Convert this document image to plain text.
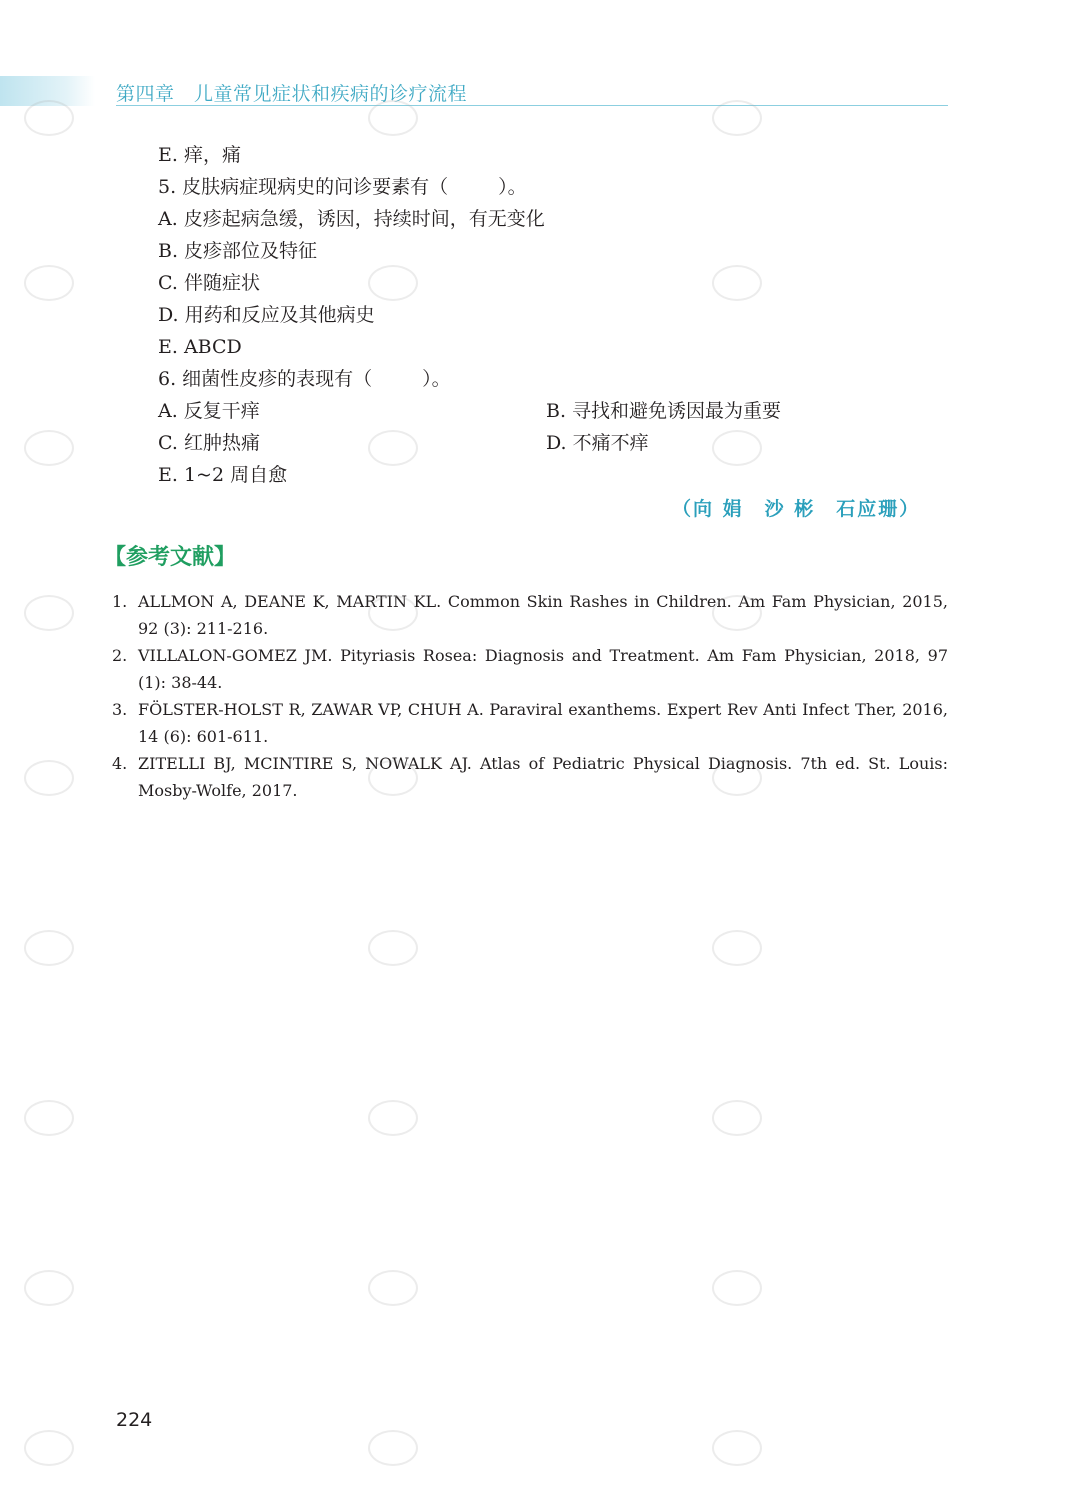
第四章　儿童常见症状和疾病的诊疗流程
E. 痒，痛
5. 皮肤病症现病史的问诊要素有（	）。
A. 皮疹起病急缓，诱因，持续时间，有无变化
B. 皮疹部位及特征
C. 伴随症状
D. 用药和反应及其他病史
E. ABCD
6. 细菌性皮疹的表现有（	）。
A. 反复干痒	B. 寻找和避免诱因最为重要
C. 红肿热痛	D. 不痛不痒
E. 1~2 周自愈
（向 娟　沙 彬　石应珊）
【参考文献】
1. ALLMON A, DEANE K, MARTIN KL. Common Skin Rashes in Children. Am Fam Physician, 2015, 92 (3): 211-216.
2. VILLALON-GOMEZ JM. Pityriasis Rosea: Diagnosis and Treatment. Am Fam Physician, 2018, 97 (1): 38-44.
3. FÖLSTER-HOLST R, ZAWAR VP, CHUH A. Paraviral exanthems. Expert Rev Anti Infect Ther, 2016, 14 (6): 601-611.
4. ZITELLI BJ, MCINTIRE S, NOWALK AJ. Atlas of Pediatric Physical Diagnosis. 7th ed. St. Louis: Mosby-Wolfe, 2017.
224
